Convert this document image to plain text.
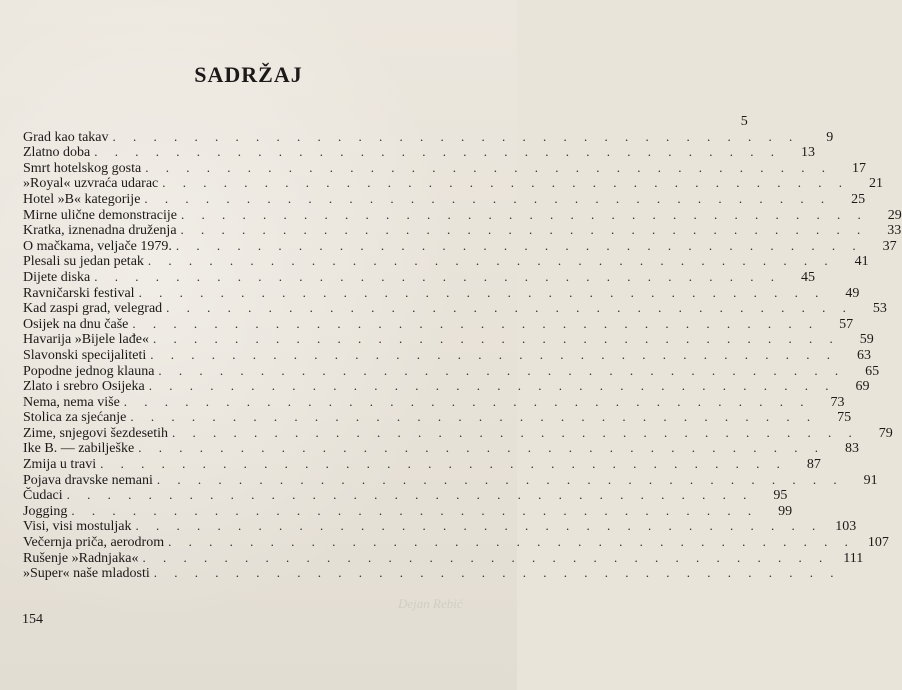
SADRŽAJ
5
Grad kao takav . . . . . . . . . . . . . . . . . . . . . . . . . . . . . . . . . .	9
Zlatno doba . . . . . . . . . . . . . . . . . . . . . . . . . . . . . . . . . .	13
Smrt hotelskog gosta . . . . . . . . . . . . . . . . . . . . . . . . . . . . . . . . . .	17
»Royal« uzvraća udarac . . . . . . . . . . . . . . . . . . . . . . . . . . . . . . . . . .	21
Hotel »B« kategorije . . . . . . . . . . . . . . . . . . . . . . . . . . . . . . . . . .	25
Mirne ulične demonstracije . . . . . . . . . . . . . . . . . . . . . . . . . . . . . . . . . .	29
Kratka, iznenadna druženja . . . . . . . . . . . . . . . . . . . . . . . . . . . . . . . . . .	33
O mačkama, veljače 1979. . . . . . . . . . . . . . . . . . . . . . . . . . . . . . . . . . .	37
Plesali su jedan petak . . . . . . . . . . . . . . . . . . . . . . . . . . . . . . . . . .	41
Dijete diska . . . . . . . . . . . . . . . . . . . . . . . . . . . . . . . . . .	45
Ravničarski festival . . . . . . . . . . . . . . . . . . . . . . . . . . . . . . . . . .	49
Kad zaspi grad, velegrad . . . . . . . . . . . . . . . . . . . . . . . . . . . . . . . . . .	53
Osijek na dnu čaše . . . . . . . . . . . . . . . . . . . . . . . . . . . . . . . . . .	57
Havarija »Bijele lađe« . . . . . . . . . . . . . . . . . . . . . . . . . . . . . . . . . .	59
Slavonski specijaliteti . . . . . . . . . . . . . . . . . . . . . . . . . . . . . . . . . .	63
Popodne jednog klauna . . . . . . . . . . . . . . . . . . . . . . . . . . . . . . . . . .	65
Zlato i srebro Osijeka . . . . . . . . . . . . . . . . . . . . . . . . . . . . . . . . . .	69
Nema, nema više . . . . . . . . . . . . . . . . . . . . . . . . . . . . . . . . . .	73
Stolica za sjećanje . . . . . . . . . . . . . . . . . . . . . . . . . . . . . . . . . .	75
Zime, snjegovi šezdesetih . . . . . . . . . . . . . . . . . . . . . . . . . . . . . . . . . .	79
Ike B. — zabilješke . . . . . . . . . . . . . . . . . . . . . . . . . . . . . . . . . .	83
Zmija u travi . . . . . . . . . . . . . . . . . . . . . . . . . . . . . . . . . .	87
Pojava dravske nemani . . . . . . . . . . . . . . . . . . . . . . . . . . . . . . . . . .	91
Čudaci . . . . . . . . . . . . . . . . . . . . . . . . . . . . . . . . . .	95
Jogging . . . . . . . . . . . . . . . . . . . . . . . . . . . . . . . . . .	99
Visi, visi mostuljak . . . . . . . . . . . . . . . . . . . . . . . . . . . . . . . . . . 103
Večernja priča, aerodrom . . . . . . . . . . . . . . . . . . . . . . . . . . . . . . . . . . 107
Rušenje »Radnjaka« . . . . . . . . . . . . . . . . . . . . . . . . . . . . . . . . . .	111
»Super« naše mladosti . . . . . . . . . . . . . . . . . . . . . . . . . . . . . . . . . .
154
Dejan Rebić
